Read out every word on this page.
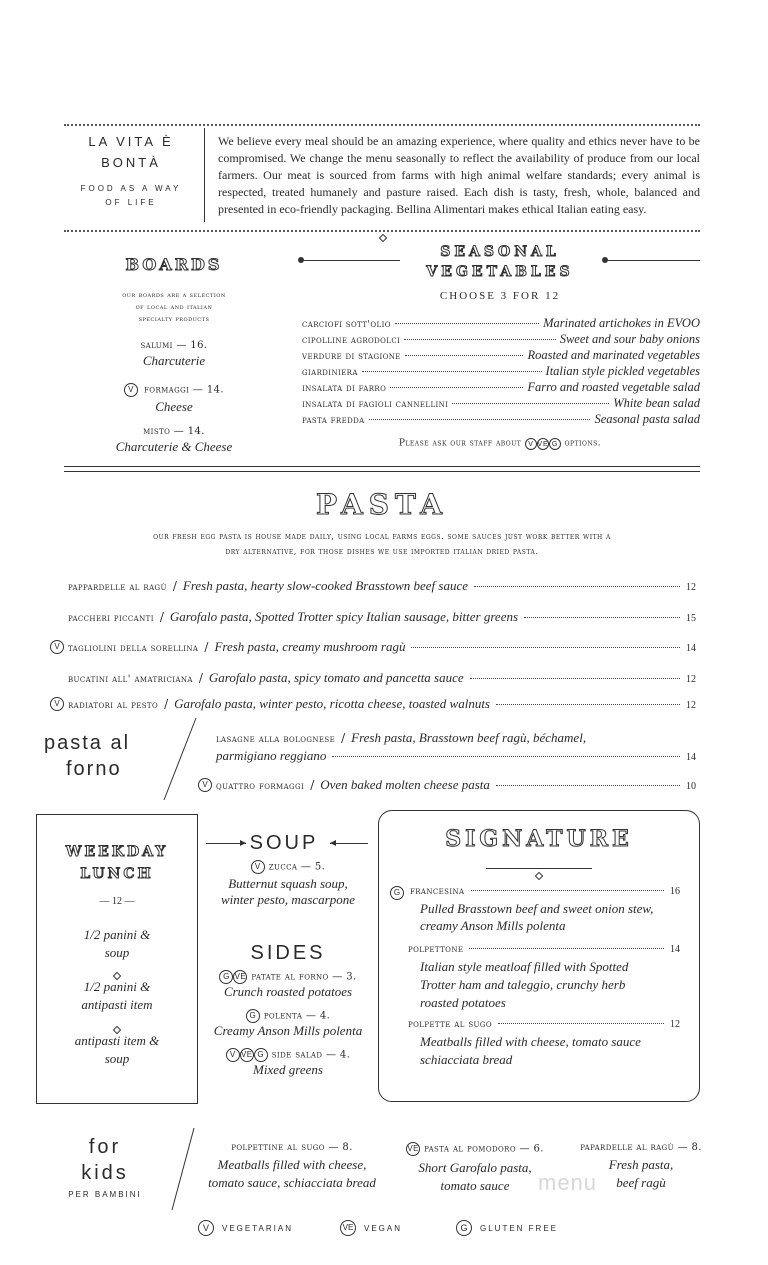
LA VITA È
BONTÀ
FOOD AS A WAY
OF LIFE
We believe every meal should be an amazing experience, where quality and ethics never have to be compromised. We change the menu seasonally to reflect the availability of produce from our local farmers. Our meat is sourced from farms with high animal welfare standards; every animal is respected, treated humanely and pasture raised. Each dish is tasty, fresh, whole, balanced and presented in eco-friendly packaging. Bellina Alimentari makes ethical Italian eating easy.
BOARDS
our boards are a selection
of local and italian
specialty products
salumi — 16.
Charcuterie
V formaggi — 14.
Cheese
misto — 14.
Charcuterie & Cheese
SEASONAL
VEGETABLES
CHOOSE 3 FOR 12
carciofi sott'olio	Marinated artichokes in EVOO
cipolline agrodolci	Sweet and sour baby onions
verdure di stagione	Roasted and marinated vegetables
giardiniera	Italian style pickled vegetables
insalata di farro	Farro and roasted vegetable salad
insalata di fagioli cannellini	White bean salad
pasta fredda	Seasonal pasta salad
Please ask our staff about V VE G options.
PASTA
our fresh egg pasta is house made daily, using local farms eggs. some sauces just work better with a
dry alternative, for those dishes we use imported italian dried pasta.
pappardelle al ragù / Fresh pasta, hearty slow-cooked Brasstown beef sauce	12
paccheri piccanti / Garofalo pasta, Spotted Trotter spicy Italian sausage, bitter greens	15
V tagliolini della sorellina / Fresh pasta, creamy mushroom ragù	14
bucatini all' amatriciana / Garofalo pasta, spicy tomato and pancetta sauce	12
V radiatori al pesto / Garofalo pasta, winter pesto, ricotta cheese, toasted walnuts	12
pasta al
forno
lasagne alla bolognese / Fresh pasta, Brasstown beef ragù, béchamel,
parmigiano reggiano	14
V quattro formaggi / Oven baked molten cheese pasta	10
WEEKDAY
LUNCH
— 12 —
1/2 panini &
soup
1/2 panini &
antipasti item
antipasti item &
soup
SOUP
V zucca — 5.
Butternut squash soup,
winter pesto, mascarpone
SIDES
G VE patate al forno — 3.
Crunch roasted potatoes
G polenta — 4.
Creamy Anson Mills polenta
V VE G side salad — 4.
Mixed greens
SIGNATURE
G francesina	16
Pulled Brasstown beef and sweet onion stew,
creamy Anson Mills polenta
polpettone	14
Italian style meatloaf filled with Spotted
Trotter ham and taleggio, crunchy herb
roasted potatoes
polpette al sugo	12
Meatballs filled with cheese, tomato sauce
schiacciata bread
for
kids
PER BAMBINI
polpettine al sugo — 8.
Meatballs filled with cheese,
tomato sauce, schiacciata bread
VE pasta al pomodoro — 6.
Short Garofalo pasta,
tomato sauce
papardelle al ragù — 8.
Fresh pasta,
beef ragù
menu
V	VEGETARIAN	VE	VEGAN	G	GLUTEN FREE
